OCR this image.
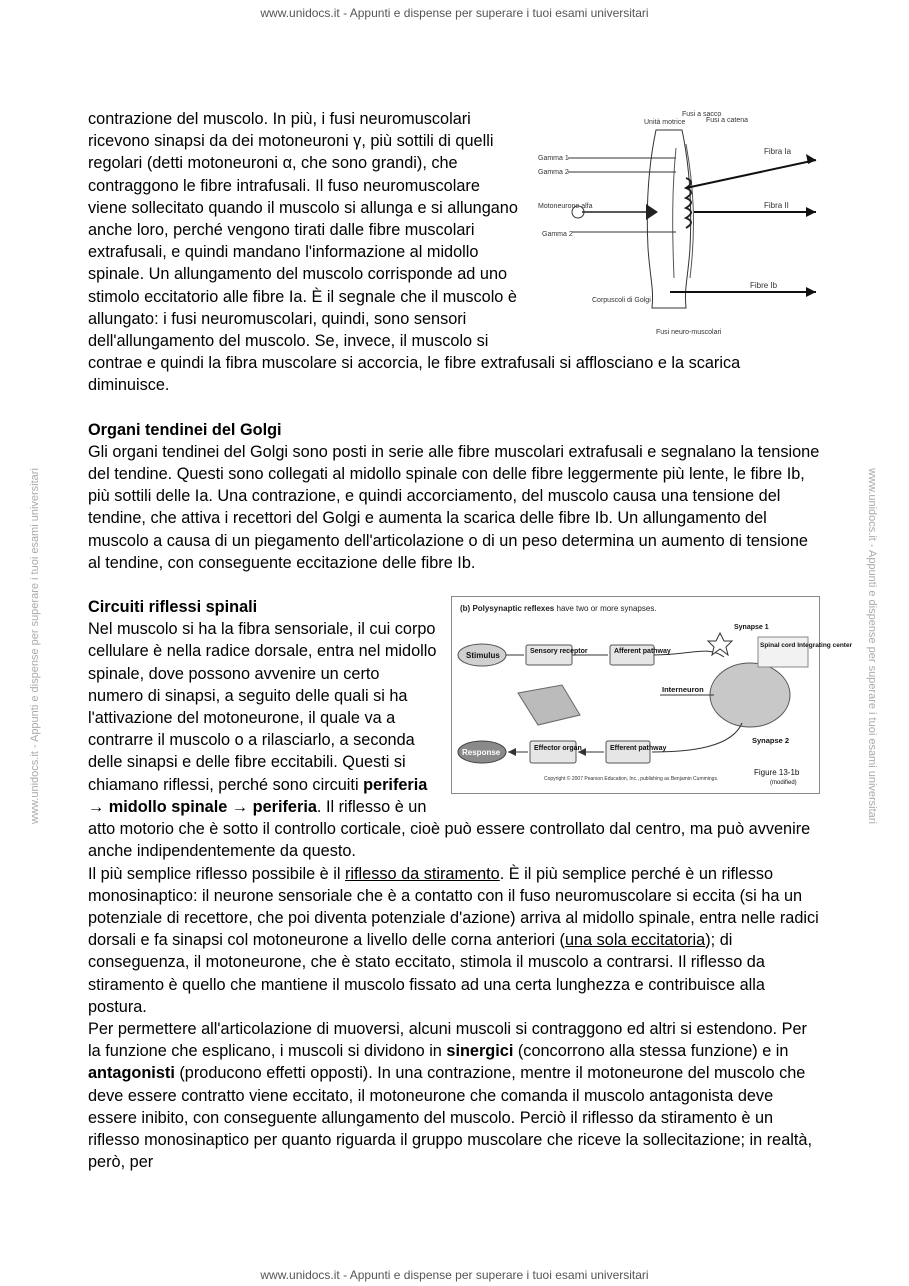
www.unidocs.it - Appunti e dispense per superare i tuoi esami universitari
www.unidocs.it - Appunti e dispense per superare i tuoi esami universitari
www.unidocs.it - Appunti e dispense per superare i tuoi esami universitari	www.unidocs.it - Appunti e dispense per superare i tuoi esami universitari
Unità motrice
Fusi a sacco
Fusi a catena
Gamma 1
Gamma 2
Motoneurone alfa
Gamma 2
Fibra Ia
Fibra II
Fibre Ib
Corpuscoli di Golgi
Fusi neuro-muscolari

contrazione del muscolo. In più, i fusi neuromuscolari ricevono sinapsi da dei motoneuroni γ, più sottili di quelli regolari (detti motoneuroni α, che sono grandi), che contraggono le fibre intrafusali. Il fuso neuromuscolare viene sollecitato quando il muscolo si allunga e si allungano anche loro, perché vengono tirati dalle fibre muscolari extrafusali, e quindi mandano l'informazione al midollo spinale. Un allungamento del muscolo corrisponde ad uno stimolo eccitatorio alle fibre Ia. È il segnale che il muscolo è allungato: i fusi neuromuscolari, quindi, sono sensori dell'allungamento del muscolo. Se, invece, il muscolo si contrae e quindi la fibra muscolare si accorcia, le fibre extrafusali si afflosciano e la scarica diminuisce.

Organi tendinei del Golgi

Gli organi tendinei del Golgi sono posti in serie alle fibre muscolari extrafusali e segnalano la tensione del tendine. Questi sono collegati al midollo spinale con delle fibre leggermente più lente, le fibre Ib, più sottili delle Ia. Una contrazione, e quindi accorciamento, del muscolo causa una tensione del tendine, che attiva i recettori del Golgi e aumenta la scarica delle fibre Ib. Un allungamento del muscolo a causa di un piegamento dell'articolazione o di un peso determina un aumento di tensione al tendine, con conseguente eccitazione delle fibre Ib.

(b) Polysynaptic reflexes have two or more synapses.
Stimulus	Sensory receptor	Afferent pathway
Synapse 1
Spinal cord Integrating center
Interneuron
Response	Effector organ	Efferent pathway
Synapse 2
Figure 13-1b
(modified)
Copyright © 2007 Pearson Education, Inc., publishing as Benjamin Cummings.

Circuiti riflessi spinali

Nel muscolo si ha la fibra sensoriale, il cui corpo cellulare è nella radice dorsale, entra nel midollo spinale, dove possono avvenire un certo numero di sinapsi, a seguito delle quali si ha l'attivazione del motoneurone, il quale va a contrarre il muscolo o a rilasciarlo, a seconda delle sinapsi e delle fibre eccitabili. Questi si chiamano riflessi, perché sono circuiti periferia → midollo spinale → periferia. Il riflesso è un atto motorio che è sotto il controllo corticale, cioè può essere controllato dal centro, ma può avvenire anche indipendentemente da questo.

Il più semplice riflesso possibile è il riflesso da stiramento. È il più semplice perché è un riflesso monosinaptico: il neurone sensoriale che è a contatto con il fuso neuromuscolare si eccita (si ha un potenziale di recettore, che poi diventa potenziale d'azione) arriva al midollo spinale, entra nelle radici dorsali e fa sinapsi col motoneurone a livello delle corna anteriori (una sola eccitatoria); di conseguenza, il motoneurone, che è stato eccitato, stimola il muscolo a contrarsi. Il riflesso da stiramento è quello che mantiene il muscolo fissato ad una certa lunghezza e contribuisce alla postura.

Per permettere all'articolazione di muoversi, alcuni muscoli si contraggono ed altri si estendono. Per la funzione che esplicano, i muscoli si dividono in sinergici (concorrono alla stessa funzione) e in antagonisti (producono effetti opposti). In una contrazione, mentre il motoneurone del muscolo che deve essere contratto viene eccitato, il motoneurone che comanda il muscolo antagonista deve essere inibito, con conseguente allungamento del muscolo. Perciò il riflesso da stiramento è un riflesso monosinaptico per quanto riguarda il gruppo muscolare che riceve la sollecitazione; in realtà, però, per
